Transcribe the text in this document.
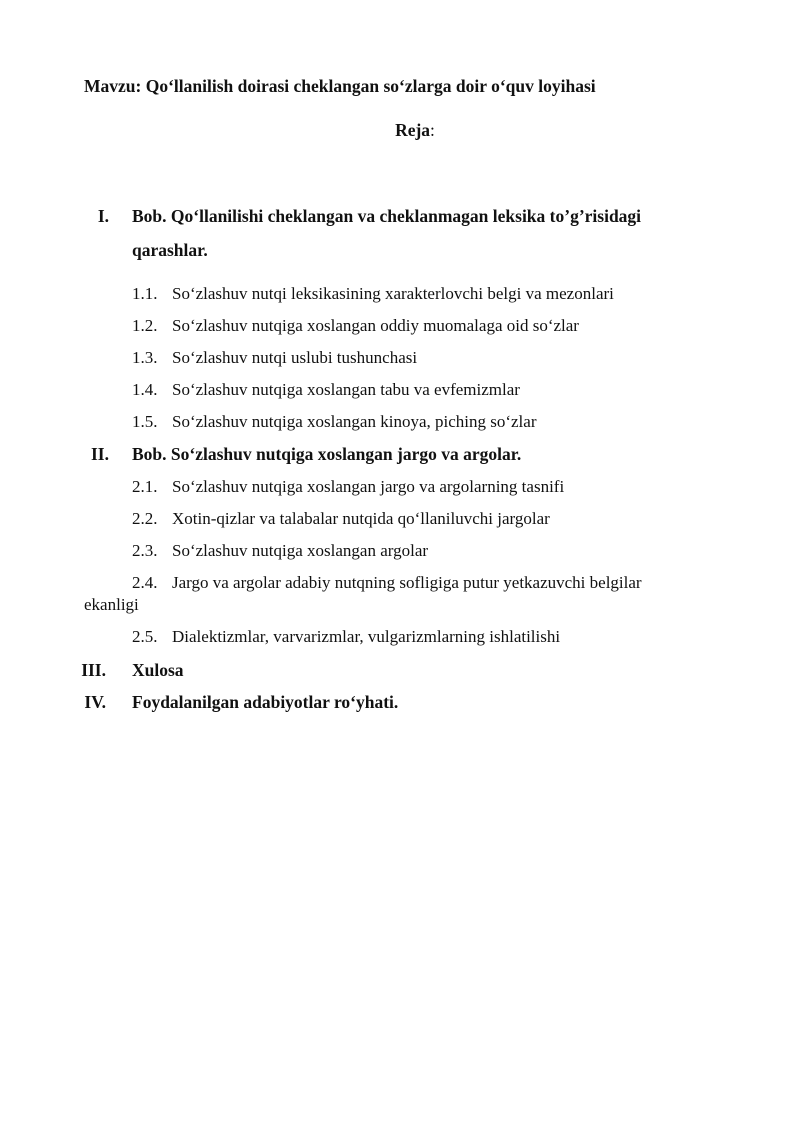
Mavzu: Qo‘llanilish doirasi cheklangan so‘zlarga doir o‘quv loyihasi
Reja:
I. Bob. Qo‘llanilishi cheklangan va cheklanmagan leksika to’g’risidagi
qarashlar.
1.1. So‘zlashuv nutqi leksikasining xarakterlovchi belgi va mezonlari
1.2. So‘zlashuv nutqiga xoslangan oddiy muomalaga oid so‘zlar
1.3. So‘zlashuv nutqi uslubi tushunchasi
1.4. So‘zlashuv nutqiga xoslangan tabu va evfemizmlar
1.5. So‘zlashuv nutqiga xoslangan kinoya, piching so‘zlar
II. Bob. So‘zlashuv nutqiga xoslangan jargo va argolar.
2.1. So‘zlashuv nutqiga xoslangan jargo va argolarning tasnifi
2.2. Xotin-qizlar va talabalar nutqida qo‘llaniluvchi jargolar
2.3. So‘zlashuv nutqiga xoslangan argolar
2.4. Jargo va argolar adabiy nutqning sofligiga putur yetkazuvchi belgilar
ekanligi
2.5. Dialektizmlar, varvarizmlar, vulgarizmlarning ishlatilishi
III. Xulosa
IV. Foydalanilgan adabiyotlar ro‘yhati.
